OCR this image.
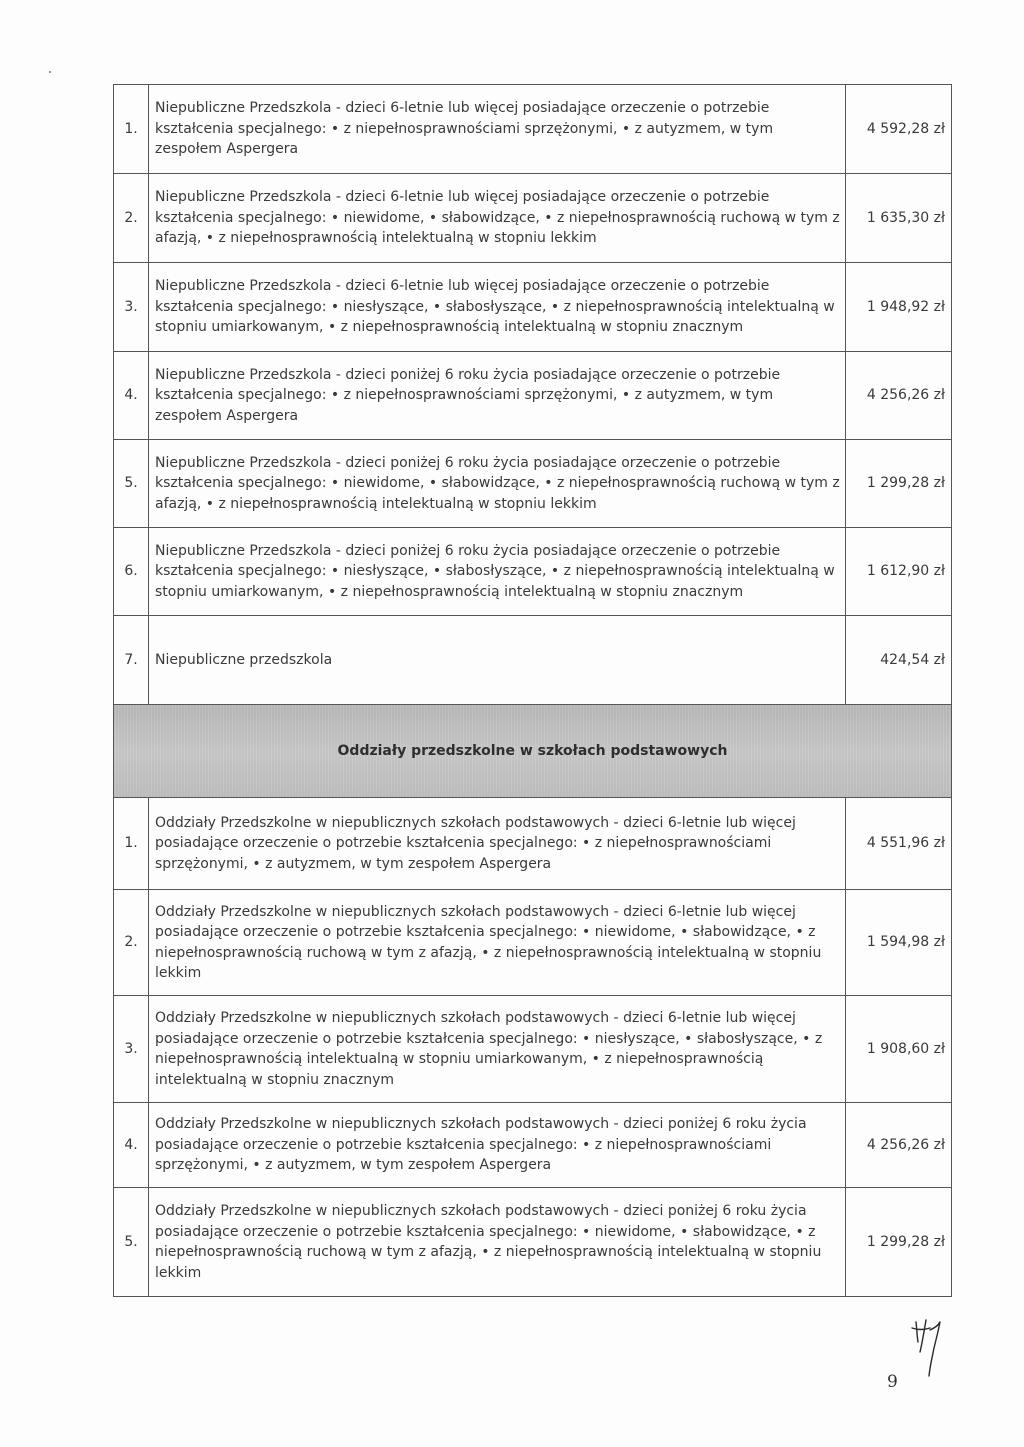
1.	Niepubliczne Przedszkola - dzieci 6-letnie lub więcej posiadające orzeczenie o potrzebie kształcenia specjalnego: • z niepełnosprawnościami sprzężonymi, • z autyzmem, w tym zespołem Aspergera	4 592,28 zł
2.	Niepubliczne Przedszkola - dzieci 6-letnie lub więcej posiadające orzeczenie o potrzebie kształcenia specjalnego: • niewidome, • słabowidzące, • z niepełnosprawnością ruchową w tym z afazją, • z niepełnosprawnością intelektualną w stopniu lekkim	1 635,30 zł
3.	Niepubliczne Przedszkola - dzieci 6-letnie lub więcej posiadające orzeczenie o potrzebie kształcenia specjalnego: • niesłyszące, • słabosłyszące, • z niepełnosprawnością intelektualną w stopniu umiarkowanym, • z niepełnosprawnością intelektualną w stopniu znacznym	1 948,92 zł
4.	Niepubliczne Przedszkola - dzieci poniżej 6 roku życia posiadające orzeczenie o potrzebie kształcenia specjalnego: • z niepełnosprawnościami sprzężonymi, • z autyzmem, w tym zespołem Aspergera	4 256,26 zł
5.	Niepubliczne Przedszkola - dzieci poniżej 6 roku życia posiadające orzeczenie o potrzebie kształcenia specjalnego: • niewidome, • słabowidzące, • z niepełnosprawnością ruchową w tym z afazją, • z niepełnosprawnością intelektualną w stopniu lekkim	1 299,28 zł
6.	Niepubliczne Przedszkola - dzieci poniżej 6 roku życia posiadające orzeczenie o potrzebie kształcenia specjalnego: • niesłyszące, • słabosłyszące, • z niepełnosprawnością intelektualną w stopniu umiarkowanym, • z niepełnosprawnością intelektualną w stopniu znacznym	1 612,90 zł
7.	Niepubliczne przedszkola	424,54 zł
Oddziały przedszkolne w szkołach podstawowych		
1.	Oddziały Przedszkolne w niepublicznych szkołach podstawowych - dzieci 6-letnie lub więcej posiadające orzeczenie o potrzebie kształcenia specjalnego: • z niepełnosprawnościami sprzężonymi, • z autyzmem, w tym zespołem Aspergera	4 551,96 zł
2.	Oddziały Przedszkolne w niepublicznych szkołach podstawowych - dzieci 6-letnie lub więcej posiadające orzeczenie o potrzebie kształcenia specjalnego: • niewidome, • słabowidzące, • z niepełnosprawnością ruchową w tym z afazją, • z niepełnosprawnością intelektualną w stopniu lekkim	1 594,98 zł
3.	Oddziały Przedszkolne w niepublicznych szkołach podstawowych - dzieci 6-letnie lub więcej posiadające orzeczenie o potrzebie kształcenia specjalnego: • niesłyszące, • słabosłyszące, • z niepełnosprawnością intelektualną w stopniu umiarkowanym, • z niepełnosprawnością intelektualną w stopniu znacznym	1 908,60 zł
4.	Oddziały Przedszkolne w niepublicznych szkołach podstawowych - dzieci poniżej 6 roku życia posiadające orzeczenie o potrzebie kształcenia specjalnego: • z niepełnosprawnościami sprzężonymi, • z autyzmem, w tym zespołem Aspergera	4 256,26 zł
5.	Oddziały Przedszkolne w niepublicznych szkołach podstawowych - dzieci poniżej 6 roku życia posiadające orzeczenie o potrzebie kształcenia specjalnego: • niewidome, • słabowidzące, • z niepełnosprawnością ruchową w tym z afazją, • z niepełnosprawnością intelektualną w stopniu lekkim	1 299,28 zł
9
